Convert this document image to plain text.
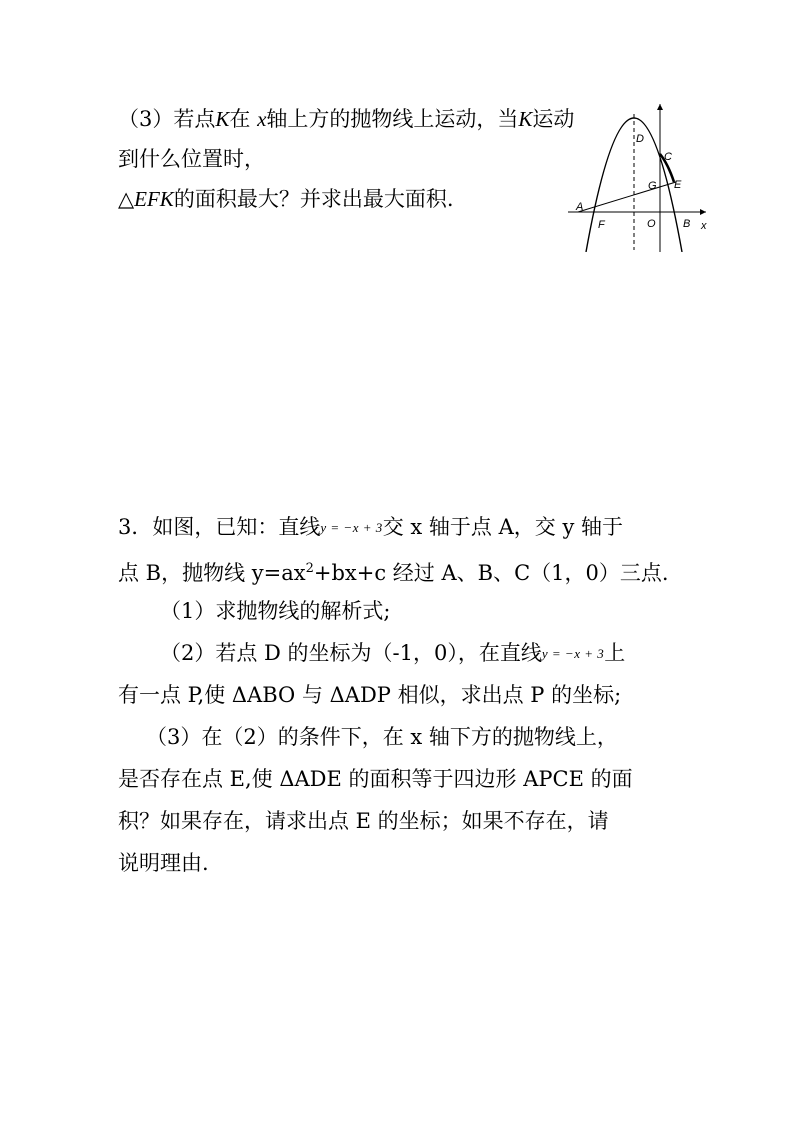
（3）若点K在 x轴上方的抛物线上运动，当K运动
到什么位置时，
△EFK的面积最大？并求出最大面积.
D
C
G E
A
F	O B x
3．如图，已知：直线y = −x + 3交 x 轴于点 A，交 y 轴于
点 B，抛物线 $y=ax^2+bx+c$ 经过 A、B、C（1，0）三点.
（1）求抛物线的解析式;
（2）若点 D 的坐标为（-1，0），在直线y = −x + 3上
有一点 P,使 ΔABO 与 ΔADP 相似，求出点 P 的坐标;
（3）在（2）的条件下，在 x 轴下方的抛物线上，
是否存在点 E,使 ΔADE 的面积等于四边形 APCE 的面
积？如果存在，请求出点 E 的坐标；如果不存在，请
说明理由.
